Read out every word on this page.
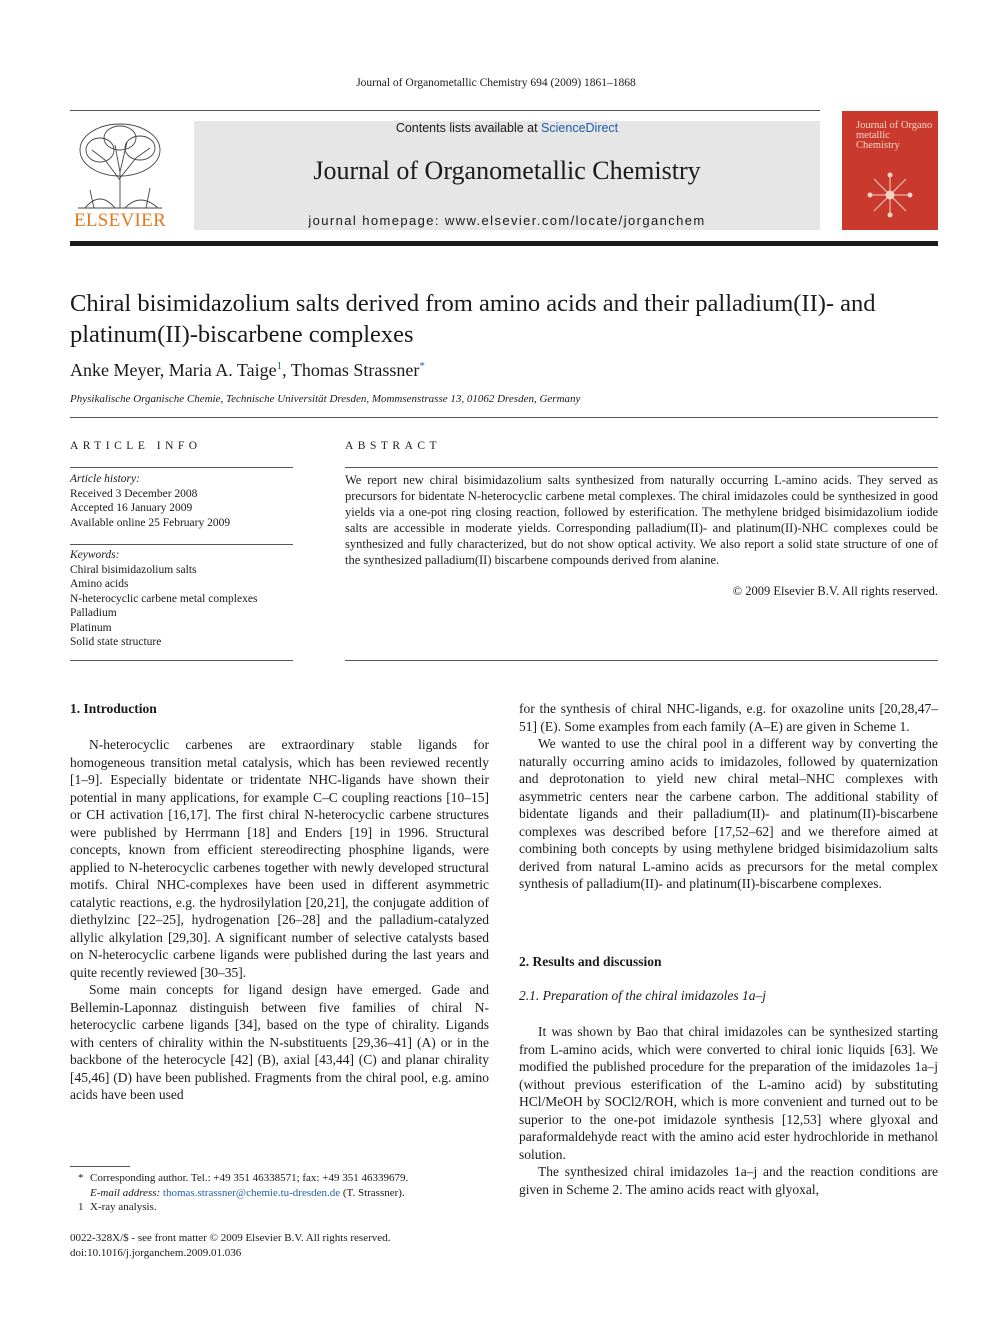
Journal of Organometallic Chemistry 694 (2009) 1861–1868
ELSEVIER
Contents lists available at ScienceDirect
Journal of Organometallic Chemistry
journal homepage: www.elsevier.com/locate/jorganchem
Journal of Organo metallic Chemistry
Chiral bisimidazolium salts derived from amino acids and their palladium(II)- and platinum(II)-biscarbene complexes
Anke Meyer, Maria A. Taige$^1$, Thomas Strassner*
Physikalische Organische Chemie, Technische Universität Dresden, Mommsenstrasse 13, 01062 Dresden, Germany
ARTICLE INFO	ABSTRACT
Article history:
Received 3 December 2008
Accepted 16 January 2009
Available online 25 February 2009
Keywords:
Chiral bisimidazolium salts
Amino acids
N-heterocyclic carbene metal complexes
Palladium
Platinum
Solid state structure
We report new chiral bisimidazolium salts synthesized from naturally occurring L-amino acids. They served as precursors for bidentate N-heterocyclic carbene metal complexes. The chiral imidazoles could be synthesized in good yields via a one-pot ring closing reaction, followed by esterification. The methylene bridged bisimidazolium iodide salts are accessible in moderate yields. Corresponding palladium(II)- and platinum(II)-NHC complexes could be synthesized and fully characterized, but do not show optical activity. We also report a solid state structure of one of the synthesized palladium(II) biscarbene compounds derived from alanine.
© 2009 Elsevier B.V. All rights reserved.
1. Introduction

N-heterocyclic carbenes are extraordinary stable ligands for homogeneous transition metal catalysis, which has been reviewed recently [1–9]. Especially bidentate or tridentate NHC-ligands have shown their potential in many applications, for example C–C coupling reactions [10–15] or CH activation [16,17]. The first chiral N-heterocyclic carbene structures were published by Herrmann [18] and Enders [19] in 1996. Structural concepts, known from efficient stereodirecting phosphine ligands, were applied to N-heterocyclic carbenes together with newly developed structural motifs. Chiral NHC-complexes have been used in different asymmetric catalytic reactions, e.g. the hydrosilylation [20,21], the conjugate addition of diethylzinc [22–25], hydrogenation [26–28] and the palladium-catalyzed allylic alkylation [29,30]. A significant number of selective catalysts based on N-heterocyclic carbene ligands were published during the last years and quite recently reviewed [30–35].

Some main concepts for ligand design have emerged. Gade and Bellemin-Laponnaz distinguish between five families of chiral N-heterocyclic carbene ligands [34], based on the type of chirality. Ligands with centers of chirality within the N-substituents [29,36–41] (A) or in the backbone of the heterocycle [42] (B), axial [43,44] (C) and planar chirality [45,46] (D) have been published. Fragments from the chiral pool, e.g. amino acids have been used

for the synthesis of chiral NHC-ligands, e.g. for oxazoline units [20,28,47–51] (E). Some examples from each family (A–E) are given in Scheme 1.

We wanted to use the chiral pool in a different way by converting the naturally occurring amino acids to imidazoles, followed by quaternization and deprotonation to yield new chiral metal–NHC complexes with asymmetric centers near the carbene carbon. The additional stability of bidentate ligands and their palladium(II)- and platinum(II)-biscarbene complexes was described before [17,52–62] and we therefore aimed at combining both concepts by using methylene bridged bisimidazolium salts derived from natural L-amino acids as precursors for the metal complex synthesis of palladium(II)- and platinum(II)-biscarbene complexes.

2. Results and discussion
2.1. Preparation of the chiral imidazoles 1a–j

It was shown by Bao that chiral imidazoles can be synthesized starting from L-amino acids, which were converted to chiral ionic liquids [63]. We modified the published procedure for the preparation of the imidazoles 1a–j (without previous esterification of the L-amino acid) by substituting HCl/MeOH by SOCl2/ROH, which is more convenient and turned out to be superior to the one-pot imidazole synthesis [12,53] where glyoxal and paraformaldehyde react with the amino acid ester hydrochloride in methanol solution.

The synthesized chiral imidazoles 1a–j and the reaction conditions are given in Scheme 2. The amino acids react with glyoxal,

* Corresponding author. Tel.: +49 351 46338571; fax: +49 351 46339679.
E-mail address: thomas.strassner@chemie.tu-dresden.de (T. Strassner).
1 X-ray analysis.
0022-328X/$ - see front matter © 2009 Elsevier B.V. All rights reserved.
doi:10.1016/j.jorganchem.2009.01.036
